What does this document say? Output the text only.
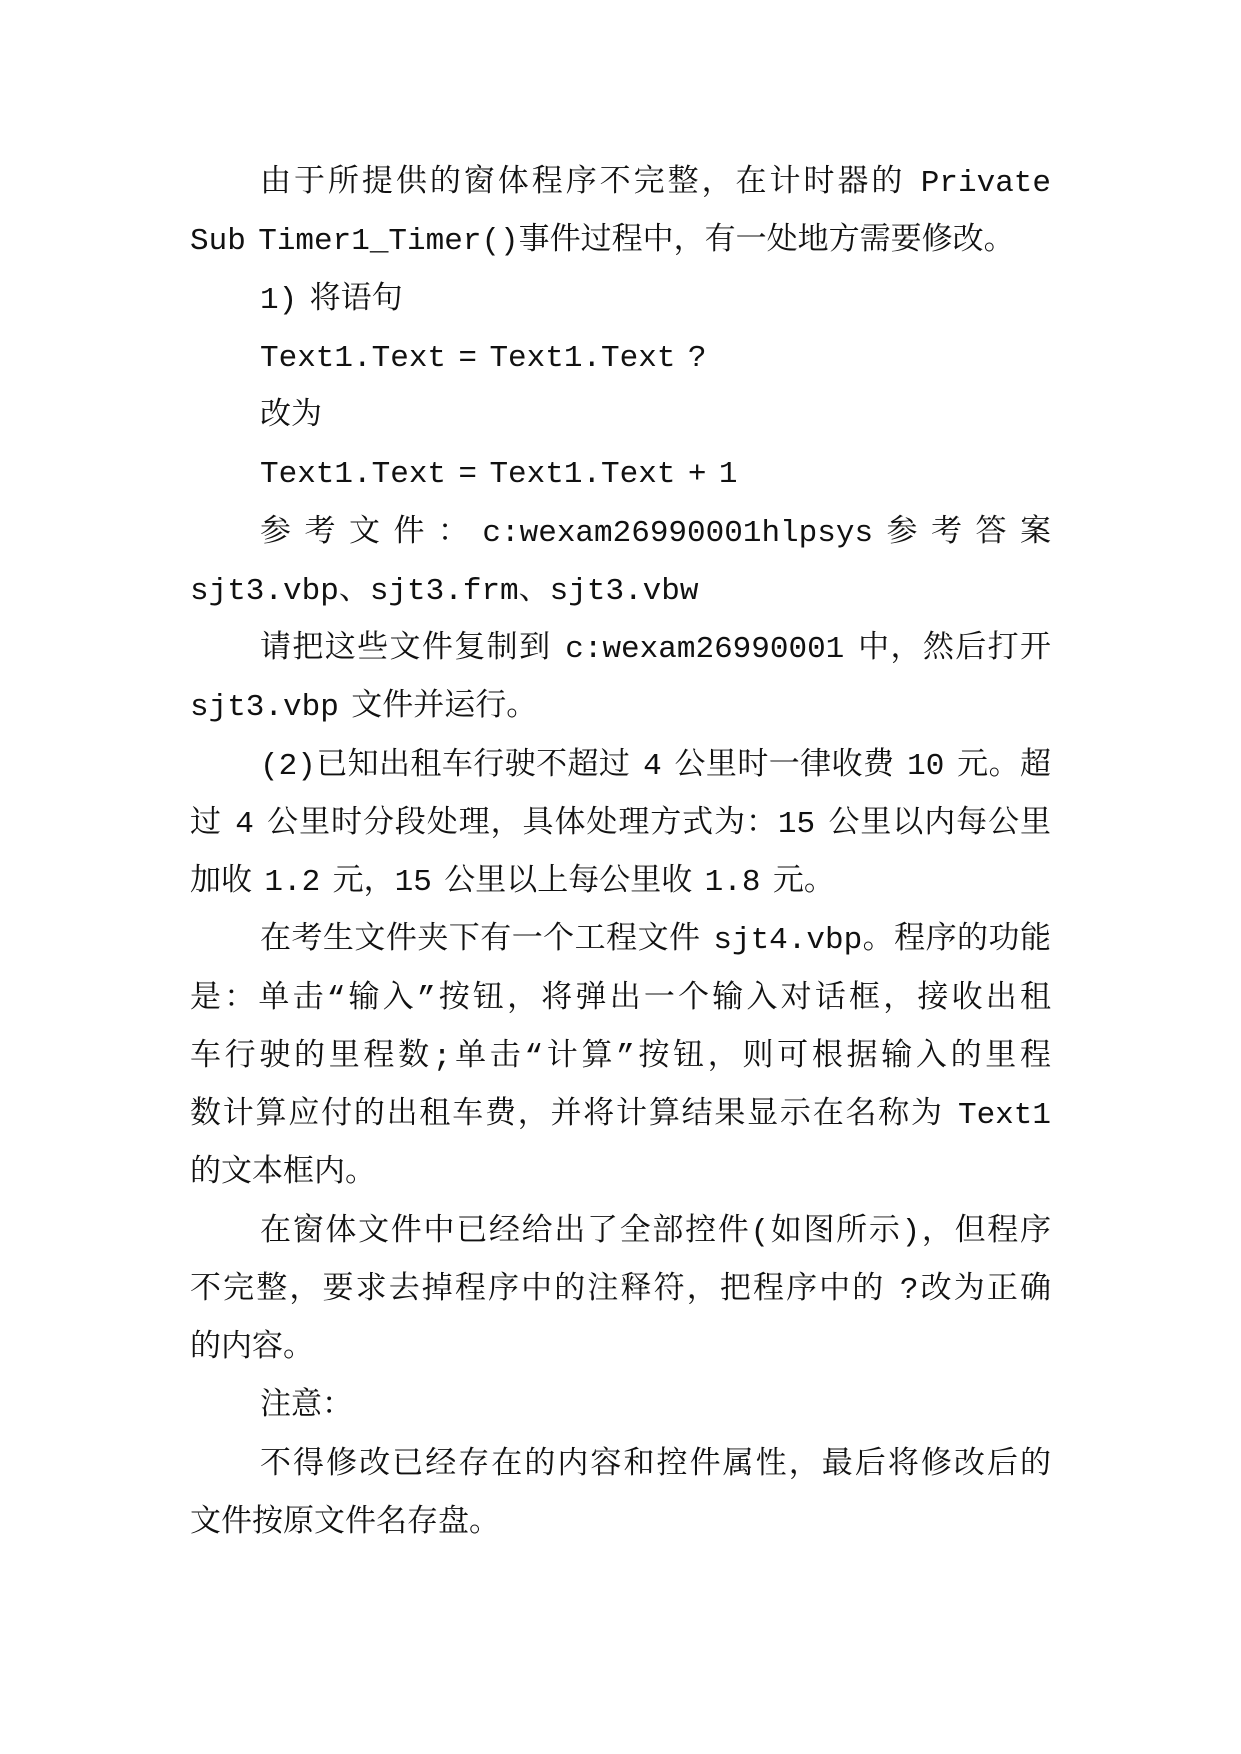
由于所提供的窗体程序不完整，在计时器的 Private
Sub Timer1_Timer()事件过程中，有一处地方需要修改。
1) 将语句
Text1.Text = Text1.Text ?
改为
Text1.Text = Text1.Text + 1
参考文件：c:wexam26990001hlpsys参考答案
sjt3.vbp、sjt3.frm、sjt3.vbw
请把这些文件复制到 c:wexam26990001 中，然后打开
sjt3.vbp 文件并运行。
(2)已知出租车行驶不超过 4 公里时一律收费 10 元。超
过 4 公里时分段处理，具体处理方式为：15 公里以内每公里
加收 1.2 元，15 公里以上每公里收 1.8 元。
在考生文件夹下有一个工程文件 sjt4.vbp。程序的功能
是：单击“输入”按钮，将弹出一个输入对话框，接收出租
车行驶的里程数;单击“计算”按钮，则可根据输入的里程
数计算应付的出租车费，并将计算结果显示在名称为 Text1
的文本框内。
在窗体文件中已经给出了全部控件(如图所示)，但程序
不完整，要求去掉程序中的注释符，把程序中的 ?改为正确
的内容。
注意：
不得修改已经存在的内容和控件属性，最后将修改后的
文件按原文件名存盘。
